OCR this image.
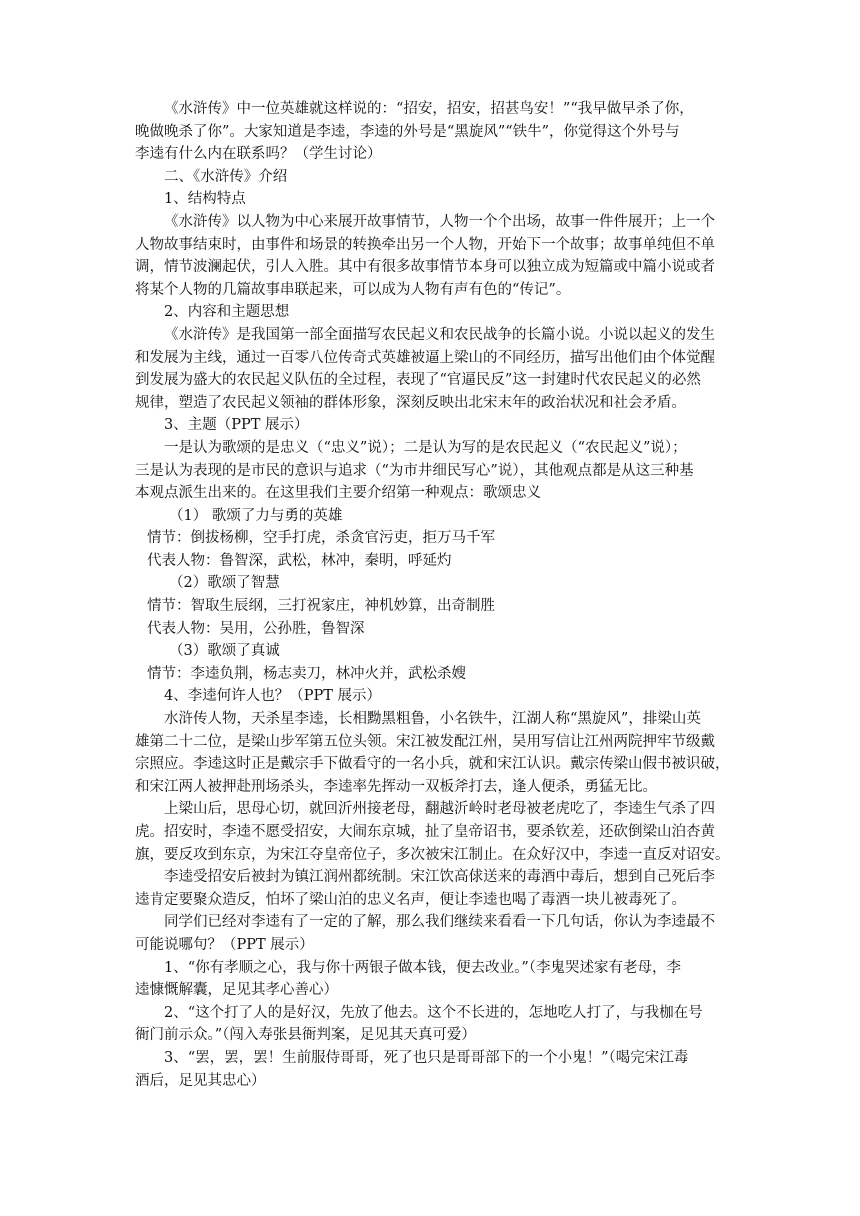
《水浒传》中一位英雄就这样说的：“招安，招安，招甚鸟安！”“我早做早杀了你，
晚做晚杀了你”。大家知道是李逵，李逵的外号是“黑旋风”“铁牛”，你觉得这个外号与
李逵有什么内在联系吗？（学生讨论）
二、《水浒传》介绍
1、结构特点
《水浒传》以人物为中心来展开故事情节，人物一个个出场，故事一件件展开；上一个
人物故事结束时，由事件和场景的转换牵出另一个人物，开始下一个故事；故事单纯但不单
调，情节波澜起伏，引人入胜。其中有很多故事情节本身可以独立成为短篇或中篇小说或者
将某个人物的几篇故事串联起来，可以成为人物有声有色的“传记”。
2、内容和主题思想
《水浒传》是我国第一部全面描写农民起义和农民战争的长篇小说。小说以起义的发生
和发展为主线，通过一百零八位传奇式英雄被逼上梁山的不同经历，描写出他们由个体觉醒
到发展为盛大的农民起义队伍的全过程，表现了“官逼民反”这一封建时代农民起义的必然
规律，塑造了农民起义领袖的群体形象，深刻反映出北宋末年的政治状况和社会矛盾。
3、主题（PPT 展示）
一是认为歌颂的是忠义（“忠义”说）；二是认为写的是农民起义（“农民起义”说）；
三是认为表现的是市民的意识与追求（“为市井细民写心”说），其他观点都是从这三种基
本观点派生出来的。在这里我们主要介绍第一种观点：歌颂忠义
（1） 歌颂了力与勇的英雄
情节：倒拔杨柳，空手打虎，杀贪官污吏，拒万马千军
代表人物：鲁智深，武松，林冲，秦明，呼延灼
（2）歌颂了智慧
情节：智取生辰纲，三打祝家庄，神机妙算，出奇制胜
代表人物：吴用，公孙胜，鲁智深
（3）歌颂了真诚
情节：李逵负荆，杨志卖刀，林冲火并，武松杀嫂
4、李逵何许人也？（PPT 展示）
水浒传人物，天杀星李逵，长相黝黑粗鲁，小名铁牛，江湖人称“黑旋风”，排梁山英
雄第二十二位，是梁山步军第五位头领。宋江被发配江州，吴用写信让江州两院押牢节级戴
宗照应。李逵这时正是戴宗手下做看守的一名小兵，就和宋江认识。戴宗传梁山假书被识破，
和宋江两人被押赴刑场杀头，李逵率先挥动一双板斧打去，逢人便杀，勇猛无比。
上梁山后，思母心切，就回沂州接老母，翻越沂岭时老母被老虎吃了，李逵生气杀了四
虎。招安时，李逵不愿受招安，大闹东京城，扯了皇帝诏书，要杀钦差，还砍倒梁山泊杏黄
旗，要反攻到东京，为宋江夺皇帝位子，多次被宋江制止。在众好汉中，李逵一直反对诏安。
李逵受招安后被封为镇江润州都统制。宋江饮高俅送来的毒酒中毒后，想到自己死后李
逵肯定要聚众造反，怕坏了梁山泊的忠义名声，便让李逵也喝了毒酒一块儿被毒死了。
同学们已经对李逵有了一定的了解，那么我们继续来看看一下几句话，你认为李逵最不
可能说哪句？（PPT 展示）
1、“你有孝顺之心，我与你十两银子做本钱，便去改业。”（李鬼哭述家有老母，李
逵慷慨解囊，足见其孝心善心）
2、“这个打了人的是好汉，先放了他去。这个不长进的，怎地吃人打了，与我枷在号
衙门前示众。”（闯入寿张县衙判案，足见其天真可爱）
3、“罢，罢，罢！生前服侍哥哥，死了也只是哥哥部下的一个小鬼！”（喝完宋江毒
酒后，足见其忠心）
